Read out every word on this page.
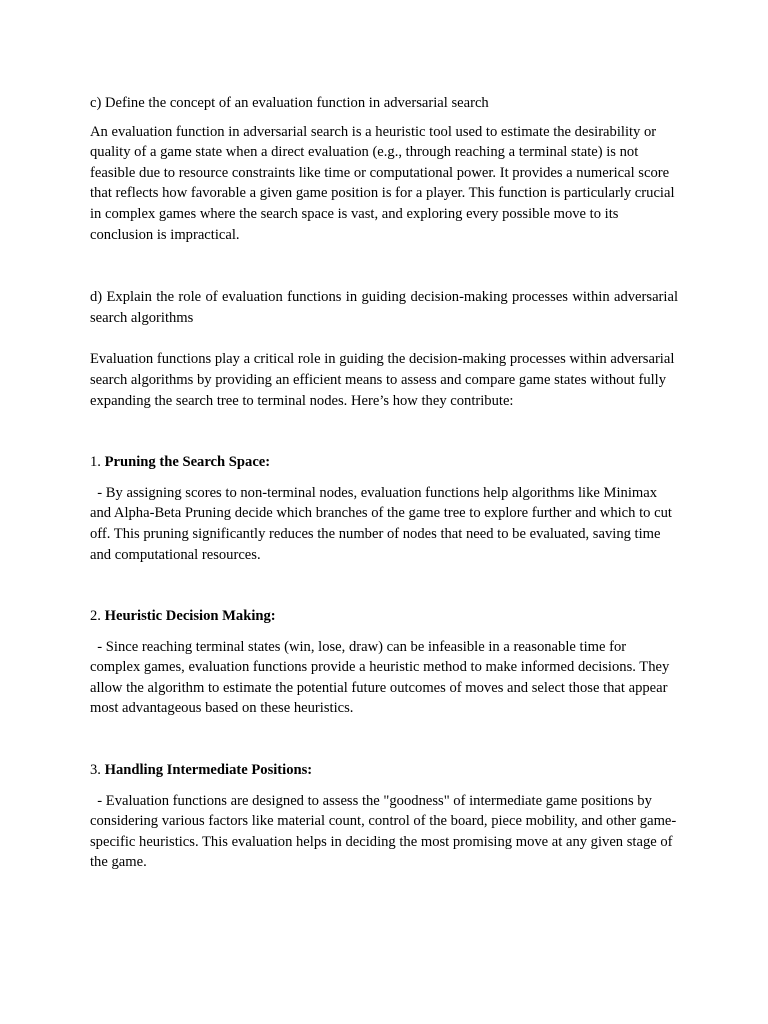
c) Define the concept of an evaluation function in adversarial search

An evaluation function in adversarial search is a heuristic tool used to estimate the desirability or quality of a game state when a direct evaluation (e.g., through reaching a terminal state) is not feasible due to resource constraints like time or computational power. It provides a numerical score that reflects how favorable a given game position is for a player. This function is particularly crucial in complex games where the search space is vast, and exploring every possible move to its conclusion is impractical.

d) Explain the role of evaluation functions in guiding decision-making processes within adversarial search algorithms

Evaluation functions play a critical role in guiding the decision-making processes within adversarial search algorithms by providing an efficient means to assess and compare game states without fully expanding the search tree to terminal nodes. Here’s how they contribute:

1. Pruning the Search Space:

- By assigning scores to non-terminal nodes, evaluation functions help algorithms like Minimax and Alpha-Beta Pruning decide which branches of the game tree to explore further and which to cut off. This pruning significantly reduces the number of nodes that need to be evaluated, saving time and computational resources.

2. Heuristic Decision Making:

- Since reaching terminal states (win, lose, draw) can be infeasible in a reasonable time for complex games, evaluation functions provide a heuristic method to make informed decisions. They allow the algorithm to estimate the potential future outcomes of moves and select those that appear most advantageous based on these heuristics.

3. Handling Intermediate Positions:

- Evaluation functions are designed to assess the "goodness" of intermediate game positions by considering various factors like material count, control of the board, piece mobility, and other game-specific heuristics. This evaluation helps in deciding the most promising move at any given stage of the game.
